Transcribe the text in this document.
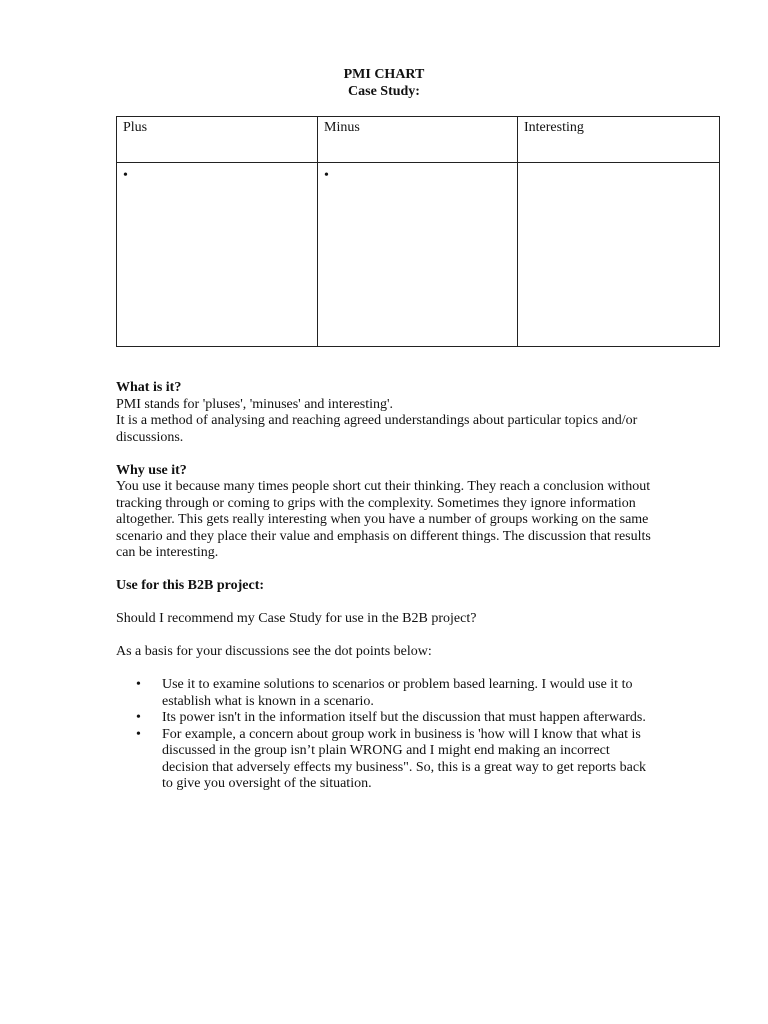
PMI CHART
Case Study:
Plus	Minus	Interesting

•	•	

What is it?

PMI stands for 'pluses', 'minuses' and interesting'.

It is a method of analysing and reaching agreed understandings about particular topics and/or discussions.

Why use it?

You use it because many times people short cut their thinking. They reach a conclusion without tracking through or coming to grips with the complexity. Sometimes they ignore information altogether. This gets really interesting when you have a number of groups working on the same scenario and they place their value and emphasis on different things. The discussion that results can be interesting.

Use for this B2B project:

Should I recommend my Case Study for use in the B2B project?

As a basis for your discussions see the dot points below:

• Use it to examine solutions to scenarios or problem based learning. I would use it to establish what is known in a scenario.
• Its power isn't in the information itself but the discussion that must happen afterwards.
• For example, a concern about group work in business is 'how will I know that what is discussed in the group isn’t plain WRONG and I might end making an incorrect decision that adversely effects my business". So, this is a great way to get reports back to give you oversight of the situation.
